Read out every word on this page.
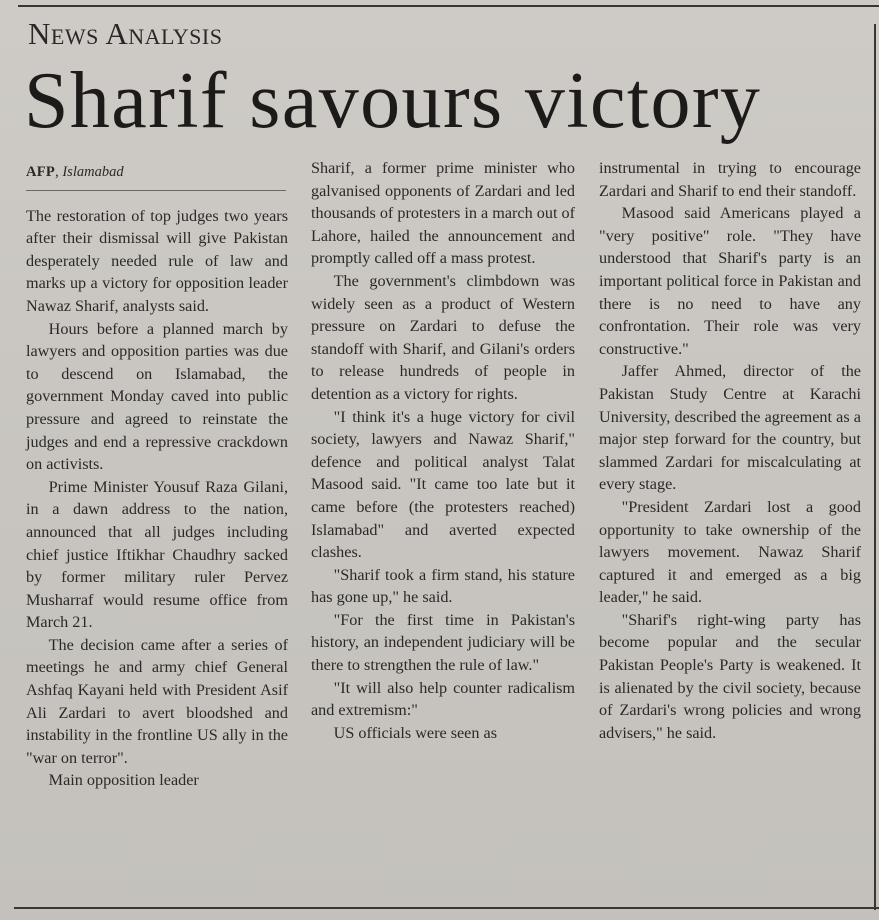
News Analysis
Sharif savours victory
AFP, Islamabad

The restoration of top judges two years after their dismissal will give Pakistan desperately needed rule of law and marks up a victory for opposition leader Nawaz Sharif, analysts said.

Hours before a planned march by lawyers and opposition parties was due to descend on Islamabad, the government Monday caved into public pressure and agreed to reinstate the judges and end a repressive crackdown on activists.

Prime Minister Yousuf Raza Gilani, in a dawn address to the nation, announced that all judges including chief justice Iftikhar Chaudhry sacked by former military ruler Pervez Musharraf would resume office from March 21.

The decision came after a series of meetings he and army chief General Ashfaq Kayani held with President Asif Ali Zardari to avert bloodshed and instability in the frontline US ally in the "war on terror".

Main opposition leader

Sharif, a former prime minister who galvanised opponents of Zardari and led thousands of protesters in a march out of Lahore, hailed the announcement and promptly called off a mass protest.

The government's climbdown was widely seen as a product of Western pressure on Zardari to defuse the standoff with Sharif, and Gilani's orders to release hundreds of people in detention as a victory for rights.

"I think it's a huge victory for civil society, lawyers and Nawaz Sharif," defence and political analyst Talat Masood said. "It came too late but it came before (the protesters reached) Islamabad" and averted expected clashes.

"Sharif took a firm stand, his stature has gone up," he said.

"For the first time in Pakistan's history, an independent judiciary will be there to strengthen the rule of law."

"It will also help counter radicalism and extremism:"

US officials were seen as

instrumental in trying to encourage Zardari and Sharif to end their standoff.

Masood said Americans played a "very positive" role. "They have understood that Sharif's party is an important political force in Pakistan and there is no need to have any confrontation. Their role was very constructive."

Jaffer Ahmed, director of the Pakistan Study Centre at Karachi University, described the agreement as a major step forward for the country, but slammed Zardari for miscalculating at every stage.

"President Zardari lost a good opportunity to take ownership of the lawyers movement. Nawaz Sharif captured it and emerged as a big leader," he said.

"Sharif's right-wing party has become popular and the secular Pakistan People's Party is weakened. It is alienated by the civil society, because of Zardari's wrong policies and wrong advisers," he said.
